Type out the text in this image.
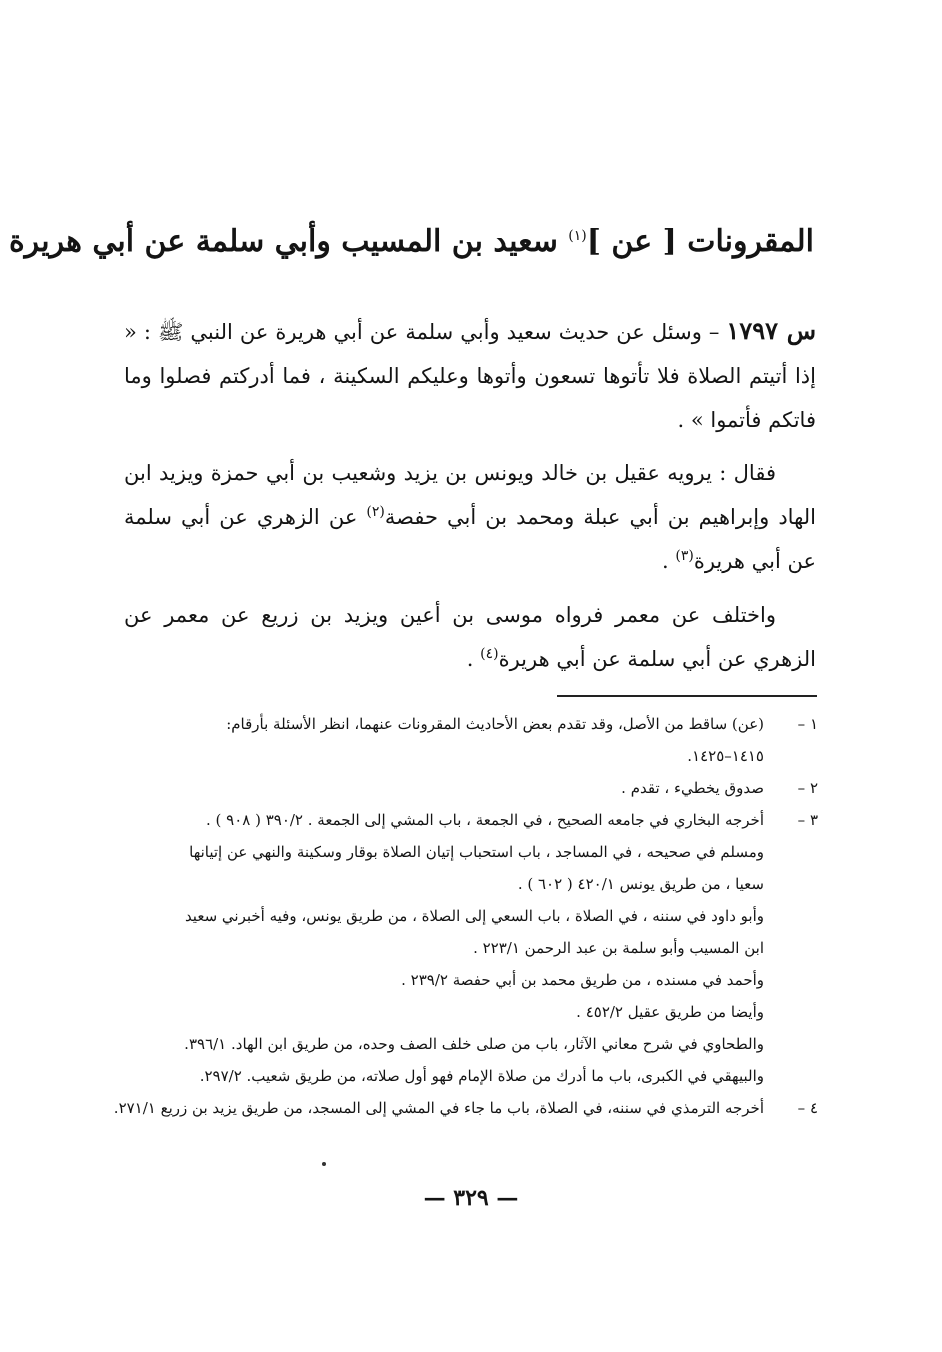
المقرونات [ عن ]$^{(١)}$ سعيد بن المسيب وأبي سلمة عن أبي هريرة
س ١٧٩٧ – وسئل عن حديث سعيد وأبي سلمة عن أبي هريرة عن النبي ﷺ : « إذا أتيتم الصلاة فلا تأتوها تسعون وأتوها وعليكم السكينة ، فما أدركتم فصلوا وما فاتكم فأتموا » .
فقال : يرويه عقيل بن خالد ويونس بن يزيد وشعيب بن أبي حمزة ويزيد ابن الهاد وإبراهيم بن أبي عبلة ومحمد بن أبي حفصة$^{(٢)}$ عن الزهري عن أبي سلمة عن أبي هريرة$^{(٣)}$ .
واختلف عن معمر فرواه موسى بن أعين ويزيد بن زريع عن معمر عن الزهري عن أبي سلمة عن أبي هريرة$^{(٤)}$ .
١ –
(عن) ساقط من الأصل، وقد تقدم بعض الأحاديث المقرونات عنهما، انظر الأسئلة بأرقام:
١٤١٥–١٤٢٥.
٢ –
صدوق يخطيء ، تقدم .
٣ –
أخرجه البخاري في جامعه الصحيح ، في الجمعة ، باب المشي إلى الجمعة . ٣٩٠/٢ ( ٩٠٨ ) .
ومسلم في صحيحه ، في المساجد ، باب استحباب إتيان الصلاة بوقار وسكينة والنهي عن إتيانها
سعيا ، من طريق يونس ٤٢٠/١ ( ٦٠٢ ) .
وأبو داود في سننه ، في الصلاة ، باب السعي إلى الصلاة ، من طريق يونس، وفيه أخبرني سعيد
ابن المسيب وأبو سلمة بن عبد الرحمن ٢٢٣/١ .
وأحمد في مسنده ، من طريق محمد بن أبي حفصة ٢٣٩/٢ .
وأيضا من طريق عقيل ٤٥٢/٢ .
والطحاوي في شرح معاني الآثار، باب من صلى خلف الصف وحده، من طريق ابن الهاد. ٣٩٦/١.
والبيهقي في الكبرى، باب ما أدرك من صلاة الإمام فهو أول صلاته، من طريق شعيب. ٢٩٧/٢.
٤ –
أخرجه الترمذي في سننه، في الصلاة، باب ما جاء في المشي إلى المسجد، من طريق يزيد بن زريع ٢٧١/١.
— ٣٢٩ —
